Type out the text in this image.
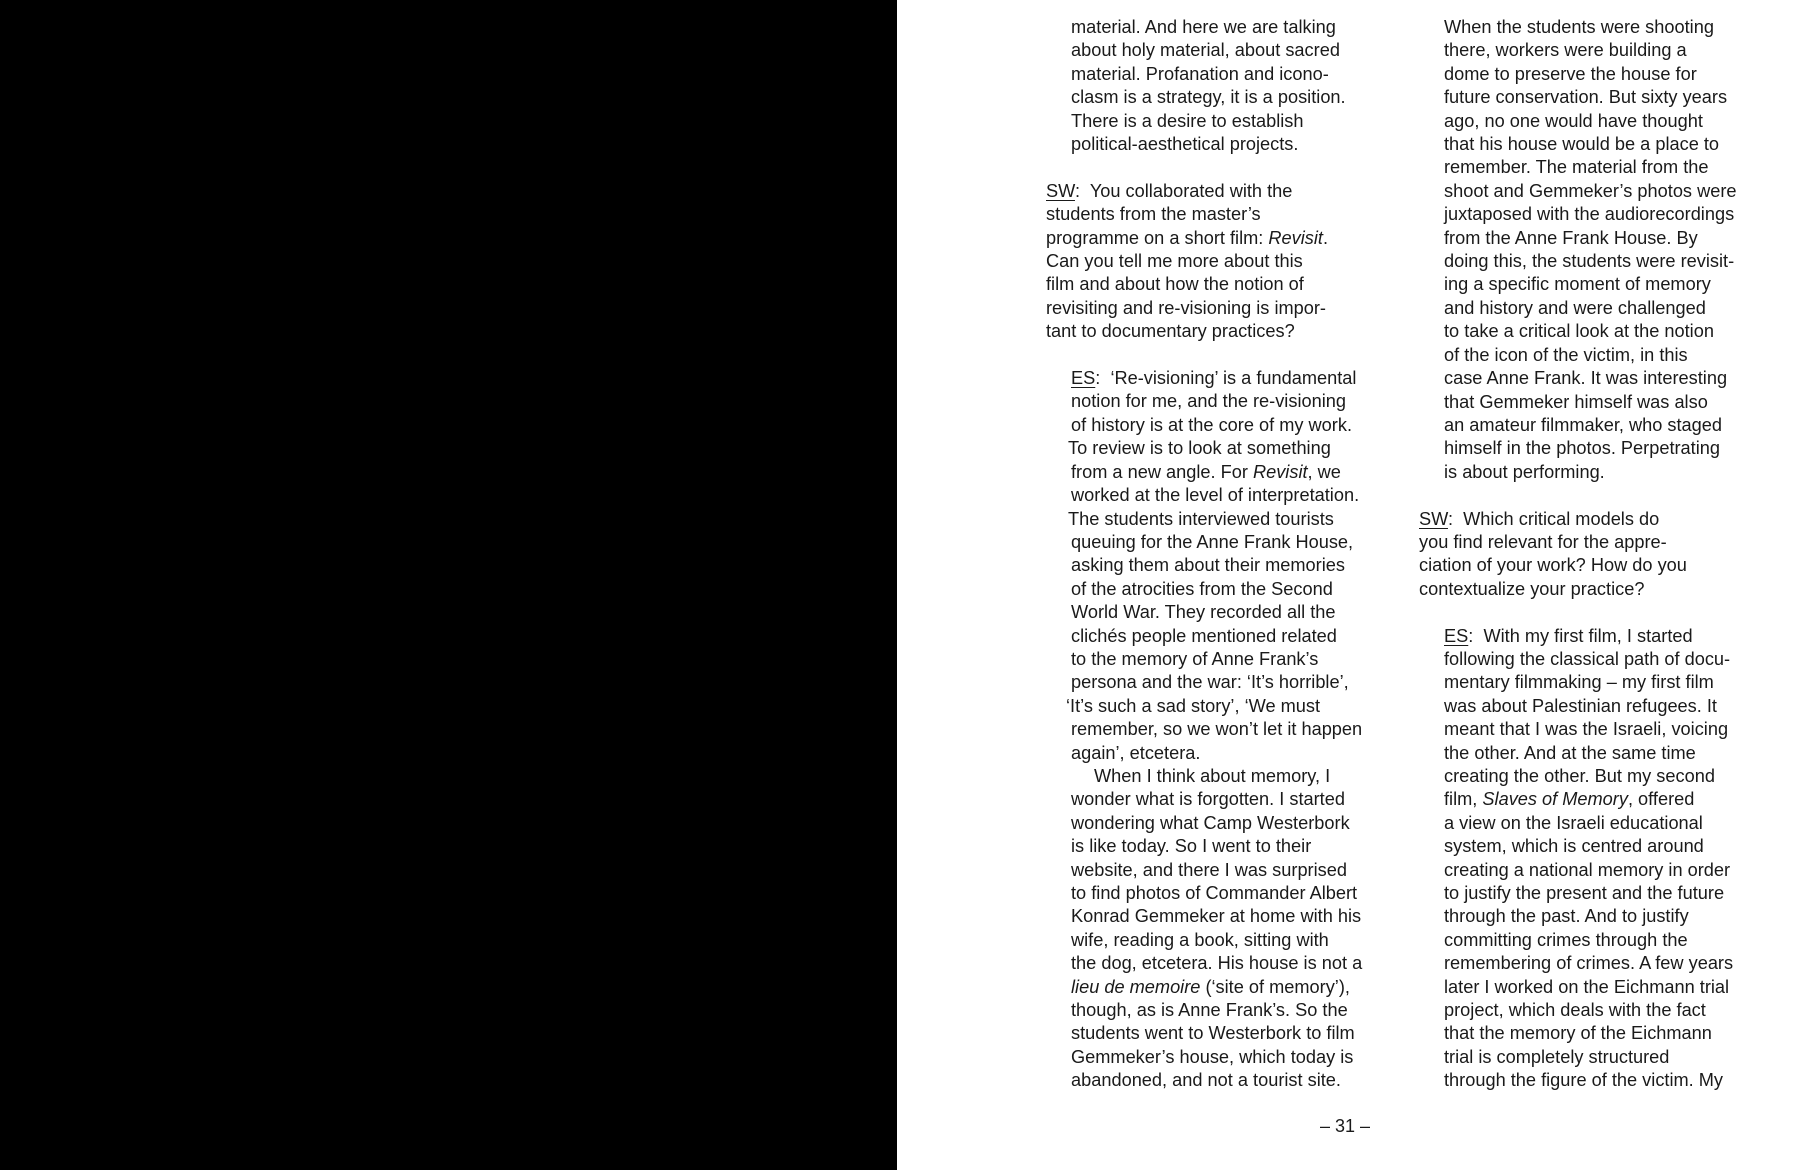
material. And here we are talking
about holy material, about sacred
material. Profanation and icono-
clasm is a strategy, it is a position.
There is a desire to establish
political-aesthetical projects.
SW:  You collaborated with the
students from the master’s
programme on a short film: Revisit.
Can you tell me more about this
film and about how the notion of
revisiting and re-visioning is impor-
tant to documentary practices?
ES:  ‘Re-visioning’ is a fundamental
notion for me, and the re-visioning
of history is at the core of my work.
To review is to look at something
from a new angle. For Revisit, we
worked at the level of interpretation.
The students interviewed tourists
queuing for the Anne Frank House,
asking them about their memories
of the atrocities from the Second
World War. They recorded all the
clichés people mentioned related
to the memory of Anne Frank’s
persona and the war: ‘It’s horrible’,
‘It’s such a sad story’, ‘We must
remember, so we won’t let it happen
again’, etcetera.
When I think about memory, I
wonder what is forgotten. I started
wondering what Camp Westerbork
is like today. So I went to their
website, and there I was surprised
to find photos of Commander Albert
Konrad Gemmeker at home with his
wife, reading a book, sitting with
the dog, etcetera. His house is not a
lieu de memoire (‘site of memory’),
though, as is Anne Frank’s. So the
students went to Westerbork to film
Gemmeker’s house, which today is
abandoned, and not a tourist site.
When the students were shooting
there, workers were building a
dome to preserve the house for
future conservation. But sixty years
ago, no one would have thought
that his house would be a place to
remember. The material from the
shoot and Gemmeker’s photos were
juxtaposed with the audiorecordings
from the Anne Frank House. By
doing this, the students were revisit-
ing a specific moment of memory
and history and were challenged
to take a critical look at the notion
of the icon of the victim, in this
case Anne Frank. It was interesting
that Gemmeker himself was also
an amateur filmmaker, who staged
himself in the photos. Perpetrating
is about performing.
SW:  Which critical models do
you find relevant for the appre-
ciation of your work? How do you
contextualize your practice?
ES:  With my first film, I started
following the classical path of docu-
mentary filmmaking – my first film
was about Palestinian refugees. It
meant that I was the Israeli, voicing
the other. And at the same time
creating the other. But my second
film, Slaves of Memory, offered
a view on the Israeli educational
system, which is centred around
creating a national memory in order
to justify the present and the future
through the past. And to justify
committing crimes through the
remembering of crimes. A few years
later I worked on the Eichmann trial
project, which deals with the fact
that the memory of the Eichmann
trial is completely structured
through the figure of the victim. My
– 31 –
